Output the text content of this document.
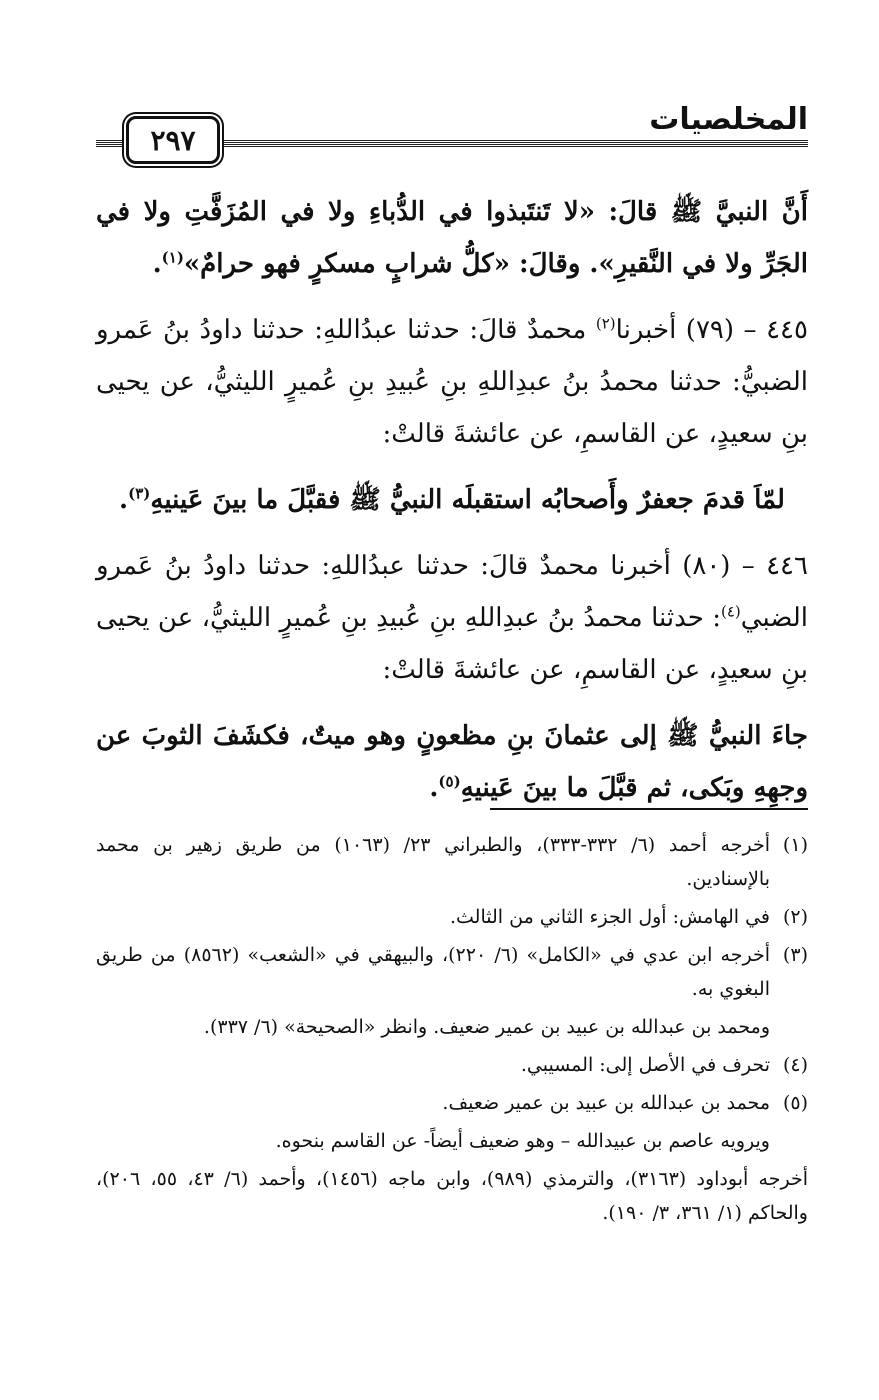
المخلصيات
٢٩٧

أَنَّ النبيَّ ﷺ قالَ: «لا تَنتَبذوا في الدُّباءِ ولا في المُزَفَّتِ ولا في الجَرِّ ولا في النَّقيرِ». وقالَ: «كلُّ شرابٍ مسكرٍ فهو حرامٌ»$^{(١)}$.

٤٤٥ – (٧٩) أخبرنا$^{(٢)}$ محمدٌ قالَ: حدثنا عبدُاللهِ: حدثنا داودُ بنُ عَمرو الضبيُّ: حدثنا محمدُ بنُ عبدِاللهِ بنِ عُبيدِ بنِ عُميرٍ الليثيُّ، عن يحيى بنِ سعيدٍ، عن القاسمِ، عن عائشةَ قالتْ:

لمّاَ قدمَ جعفرٌ وأَصحابُه استقبلَه النبيُّ ﷺ فقبَّلَ ما بينَ عَينيهِ$^{(٣)}$.

٤٤٦ – (٨٠) أخبرنا محمدٌ قالَ: حدثنا عبدُاللهِ: حدثنا داودُ بنُ عَمرو الضبي$^{(٤)}$: حدثنا محمدُ بنُ عبدِاللهِ بنِ عُبيدِ بنِ عُميرٍ الليثيُّ، عن يحيى بنِ سعيدٍ، عن القاسمِ، عن عائشةَ قالتْ:

جاءَ النبيُّ ﷺ إلى عثمانَ بنِ مظعونٍ وهو ميتٌ، فكشَفَ الثوبَ عن وجهِهِ وبَكى، ثم قبَّلَ ما بينَ عَينيهِ$^{(٥)}$.

(١)أخرجه أحمد (٦/ ٣٣٢-٣٣٣)، والطبراني ٢٣/ (١٠٦٣) من طريق زهير بن محمد بالإسنادين.

(٢)في الهامش: أول الجزء الثاني من الثالث.

(٣)أخرجه ابن عدي في «الكامل» (٦/ ٢٢٠)، والبيهقي في «الشعب» (٨٥٦٢) من طريق البغوي به.

ومحمد بن عبدالله بن عبيد بن عمير ضعيف. وانظر «الصحيحة» (٦/ ٣٣٧).

(٤)تحرف في الأصل إلى: المسيبي.

(٥)محمد بن عبدالله بن عبيد بن عمير ضعيف.

ويرويه عاصم بن عبيدالله – وهو ضعيف أيضاً- عن القاسم بنحوه.

أخرجه أبوداود (٣١٦٣)، والترمذي (٩٨٩)، وابن ماجه (١٤٥٦)، وأحمد (٦/ ٤٣، ٥٥، ٢٠٦)، والحاكم (١/ ٣٦١، ٣/ ١٩٠).
